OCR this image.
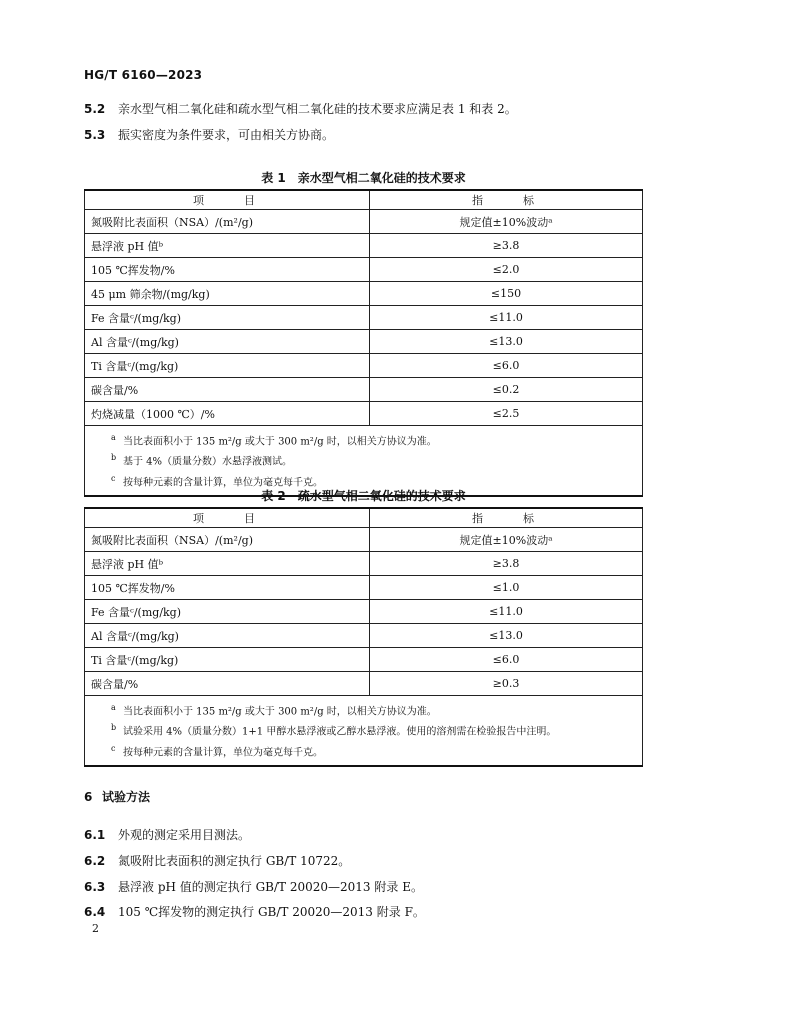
HG/T 6160—2023
5.2 亲水型气相二氧化硅和疏水型气相二氧化硅的技术要求应满足表 1 和表 2。
5.3 振实密度为条件要求，可由相关方协商。
表 1　亲水型气相二氧化硅的技术要求
项　　目	指　　标
氮吸附比表面积（NSA）/(m²/g)	规定值±10%波动ᵃ
悬浮液 pH 值ᵇ	≥3.8
105 ℃挥发物/%	≤2.0
45 μm 筛余物/(mg/kg)	≤150
Fe 含量ᶜ/(mg/kg)	≤11.0
Al 含量ᶜ/(mg/kg)	≤13.0
Ti 含量ᶜ/(mg/kg)	≤6.0
碳含量/%	≤0.2
灼烧减量（1000 ℃）/%	≤2.5

a 当比表面积小于 135 m²/g 或大于 300 m²/g 时，以相关方协议为准。
b 基于 4%（质量分数）水悬浮液测试。
c 按每种元素的含量计算，单位为毫克每千克。	
表 2　疏水型气相二氧化硅的技术要求
项　　目	指　　标
氮吸附比表面积（NSA）/(m²/g)	规定值±10%波动ᵃ
悬浮液 pH 值ᵇ	≥3.8
105 ℃挥发物/%	≤1.0
Fe 含量ᶜ/(mg/kg)	≤11.0
Al 含量ᶜ/(mg/kg)	≤13.0
Ti 含量ᶜ/(mg/kg)	≤6.0
碳含量/%	≥0.3

a 当比表面积小于 135 m²/g 或大于 300 m²/g 时，以相关方协议为准。
b 试验采用 4%（质量分数）1+1 甲醇水悬浮液或乙醇水悬浮液。使用的溶剂需在检验报告中注明。
c 按每种元素的含量计算，单位为毫克每千克。	
6 试验方法
6.1 外观的测定采用目测法。
6.2 氮吸附比表面积的测定执行 GB/T 10722。
6.3 悬浮液 pH 值的测定执行 GB/T 20020—2013 附录 E。
6.4 105 ℃挥发物的测定执行 GB/T 20020—2013 附录 F。
2
